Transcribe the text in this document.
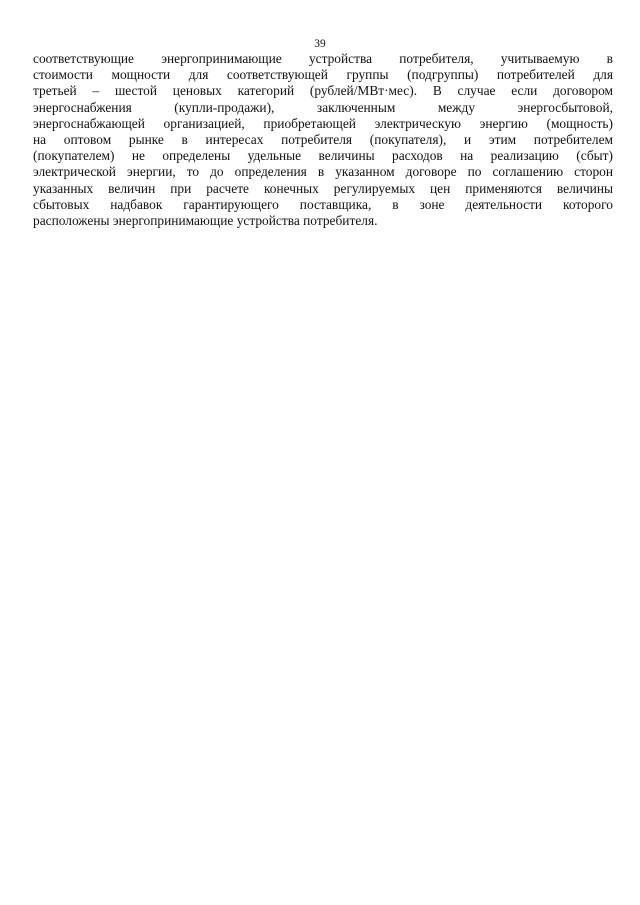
39
соответствующие энергопринимающие устройства потребителя, учитываемую в
стоимости мощности для соответствующей группы (подгруппы) потребителей для
третьей – шестой ценовых категорий (рублей/МВт·мес). В случае если договором
энергоснабжения (купли-продажи), заключенным между энергосбытовой,
энергоснабжающей организацией, приобретающей электрическую энергию (мощность)
на оптовом рынке в интересах потребителя (покупателя), и этим потребителем
(покупателем) не определены удельные величины расходов на реализацию (сбыт)
электрической энергии, то до определения в указанном договоре по соглашению сторон
указанных величин при расчете конечных регулируемых цен применяются величины
сбытовых надбавок гарантирующего поставщика, в зоне деятельности которого
расположены энергопринимающие устройства потребителя.
